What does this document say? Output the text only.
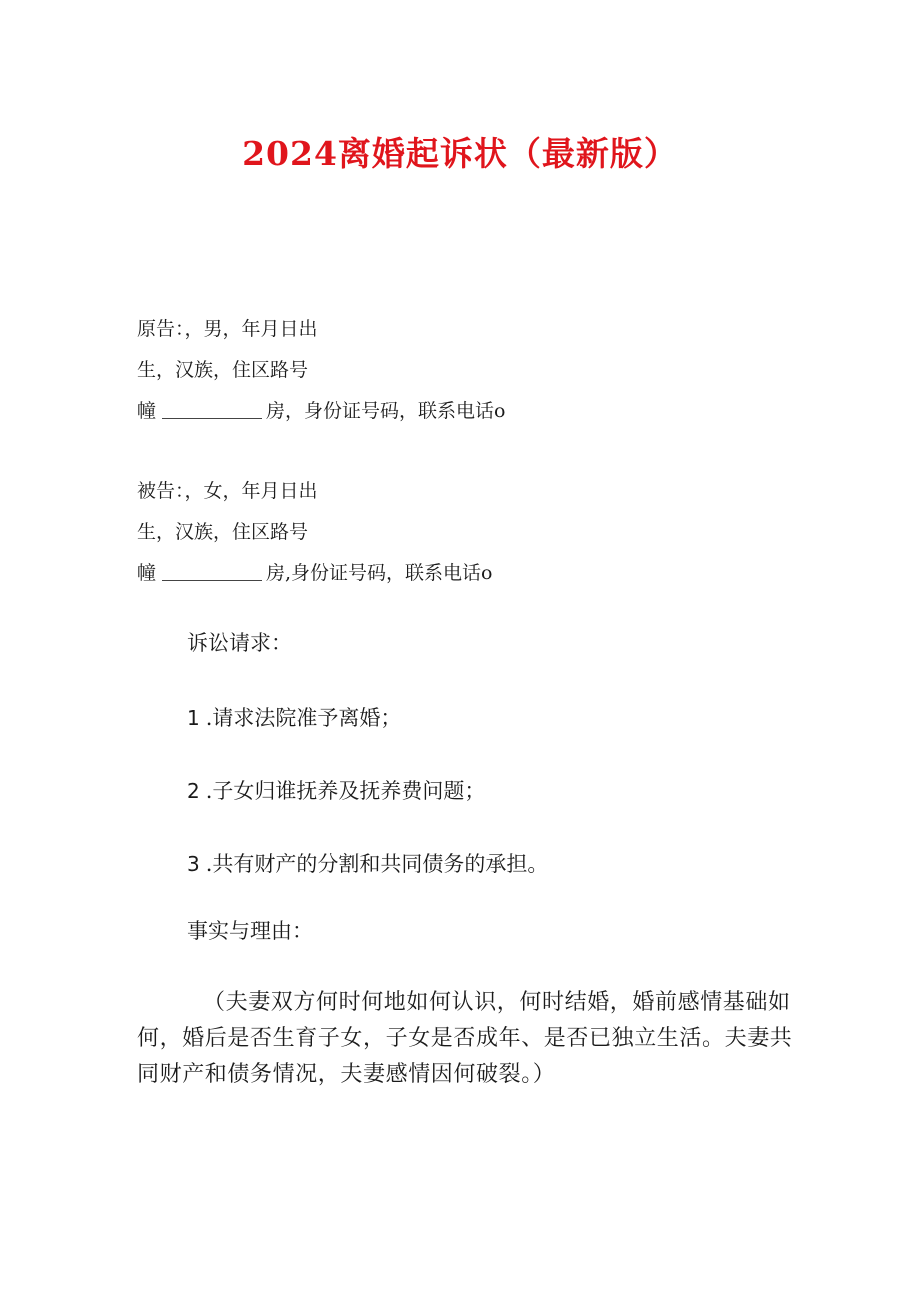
2024离婚起诉状（最新版）

原告：，男，年月日出

生，汉族，住区路号

幢	房，身份证号码，联系电话o

被告：，女，年月日出

生，汉族，住区路号

幢	房,身份证号码，联系电话o

诉讼请求：

1 .请求法院准予离婚；

2 .子女归谁抚养及抚养费问题；

3 .共有财产的分割和共同债务的承担。

事实与理由：

（夫妻双方何时何地如何认识，何时结婚，婚前感情基础如何，婚后是否生育子女，子女是否成年、是否已独立生活。夫妻共同财产和债务情况，夫妻感情因何破裂。）
